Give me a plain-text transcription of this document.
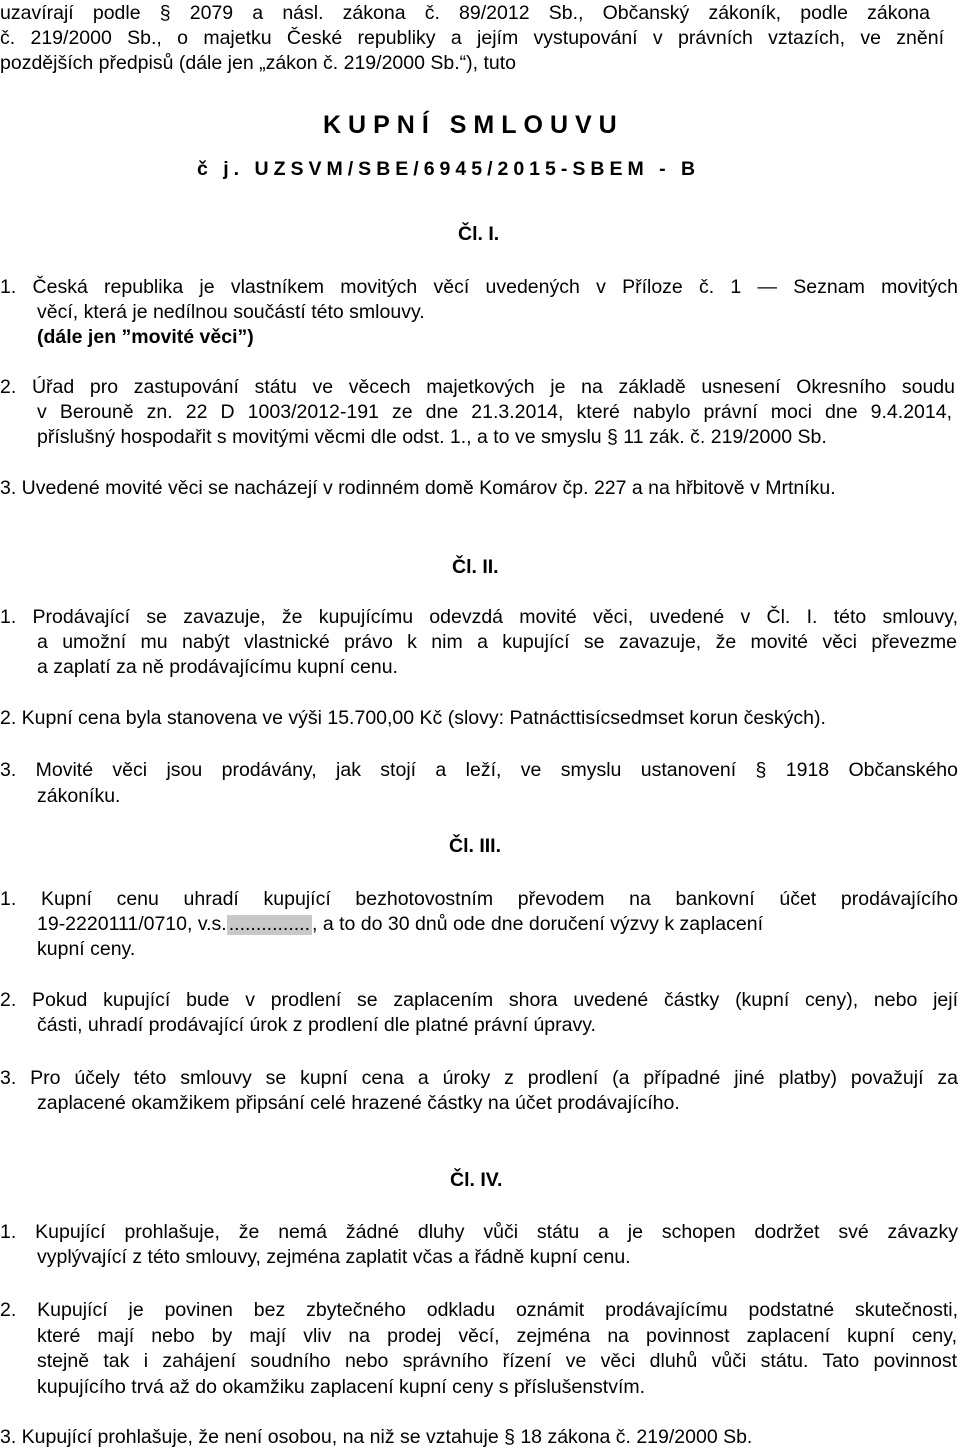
uzavírají podle § 2079 a násl. zákona č. 89/2012 Sb., Občanský zákoník, podle zákona
č. 219/2000 Sb., o majetku České republiky a jejím vystupování v právních vztazích, ve znění
pozdějších předpisů (dále jen „zákon č. 219/2000 Sb.“), tuto
KUPNÍ SMLOUVU
č j. UZSVM/SBE/6945/2015-SBEM - B
Čl. I.
1. Česká republika je vlastníkem movitých věcí uvedených v Příloze č. 1 ― Seznam movitých
věcí, která je nedílnou součástí této smlouvy.
(dále jen ”movité věci”)
2. Úřad pro zastupování státu ve věcech majetkových je na základě usnesení Okresního soudu
v Berouně zn. 22 D 1003/2012-191 ze dne 21.3.2014, které nabylo právní moci dne 9.4.2014,
příslušný hospodařit s movitými věcmi dle odst. 1., a to ve smyslu § 11 zák. č. 219/2000 Sb.
3. Uvedené movité věci se nacházejí v rodinném domě Komárov čp. 227 a na hřbitově v Mrtníku.
Čl. II.
1. Prodávající se zavazuje, že kupujícímu odevzdá movité věci, uvedené v Čl. I. této smlouvy,
a umožní mu nabýt vlastnické právo k nim a kupující se zavazuje, že movité věci převezme
a zaplatí za ně prodávajícímu kupní cenu.
2. Kupní cena byla stanovena ve výši 15.700,00 Kč (slovy: Patnácttisícsedmset korun českých).
3. Movité věci jsou prodávány, jak stojí a leží, ve smyslu ustanovení § 1918 Občanského
zákoníku.
Čl. III.
1. Kupní cenu uhradí kupující bezhotovostním převodem na bankovní účet prodávajícího
19-2220111/0710, v.s. ............... , a to do 30 dnů ode dne doručení výzvy k zaplacení
kupní ceny.
2. Pokud kupující bude v prodlení se zaplacením shora uvedené částky (kupní ceny), nebo její
části, uhradí prodávající úrok z prodlení dle platné právní úpravy.
3. Pro účely této smlouvy se kupní cena a úroky z prodlení (a případné jiné platby) považují za
zaplacené okamžikem připsání celé hrazené částky na účet prodávajícího.
Čl. IV.
1. Kupující prohlašuje, že nemá žádné dluhy vůči státu a je schopen dodržet své závazky
vyplývající z této smlouvy, zejména zaplatit včas a řádně kupní cenu.
2. Kupující je povinen bez zbytečného odkladu oznámit prodávajícímu podstatné skutečnosti,
které mají nebo by mají vliv na prodej věcí, zejména na povinnost zaplacení kupní ceny,
stejně tak i zahájení soudního nebo správního řízení ve věci dluhů vůči státu. Tato povinnost
kupujícího trvá až do okamžiku zaplacení kupní ceny s příslušenstvím.
3. Kupující prohlašuje, že není osobou, na niž se vztahuje § 18 zákona č. 219/2000 Sb.
